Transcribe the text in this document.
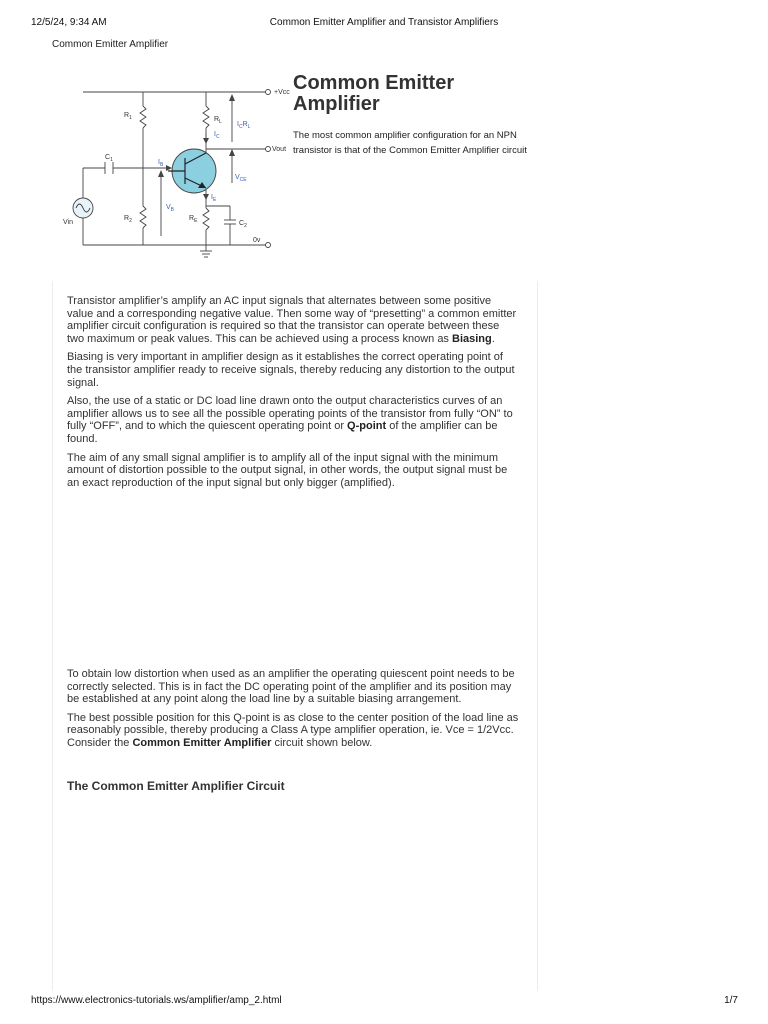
12/5/24, 9:34 AM	Common Emitter Amplifier and Transistor Amplifiers
Common Emitter Amplifier
+Vcc
Vout
0v
Vin
$R_1$
$R_2$
$R_L$
$R_E$
$C_1$
$C_2$
$I_B$
$I_C$
$I_E$
$V_B$
$V_{CE}$
$I_CR_L$
Common Emitter Amplifier

The most common amplifier configuration for an NPN transistor is that of the Common Emitter Amplifier circuit

Transistor amplifier’s amplify an AC input signals that alternates between some positive value and a corresponding negative value. Then some way of “presetting” a common emitter amplifier circuit configuration is required so that the transistor can operate between these two maximum or peak values. This can be achieved using a process known as Biasing.

Biasing is very important in amplifier design as it establishes the correct operating point of the transistor amplifier ready to receive signals, thereby reducing any distortion to the output signal.

Also, the use of a static or DC load line drawn onto the output characteristics curves of an amplifier allows us to see all the possible operating points of the transistor from fully “ON” to fully “OFF”, and to which the quiescent operating point or Q-point of the amplifier can be found.

The aim of any small signal amplifier is to amplify all of the input signal with the minimum amount of distortion possible to the output signal, in other words, the output signal must be an exact reproduction of the input signal but only bigger (amplified).

To obtain low distortion when used as an amplifier the operating quiescent point needs to be correctly selected. This is in fact the DC operating point of the amplifier and its position may be established at any point along the load line by a suitable biasing arrangement.

The best possible position for this Q-point is as close to the center position of the load line as reasonably possible, thereby producing a Class A type amplifier operation, ie. Vce = 1/2Vcc. Consider the Common Emitter Amplifier circuit shown below.

The Common Emitter Amplifier Circuit
https://www.electronics-tutorials.ws/amplifier/amp_2.html	1/7
